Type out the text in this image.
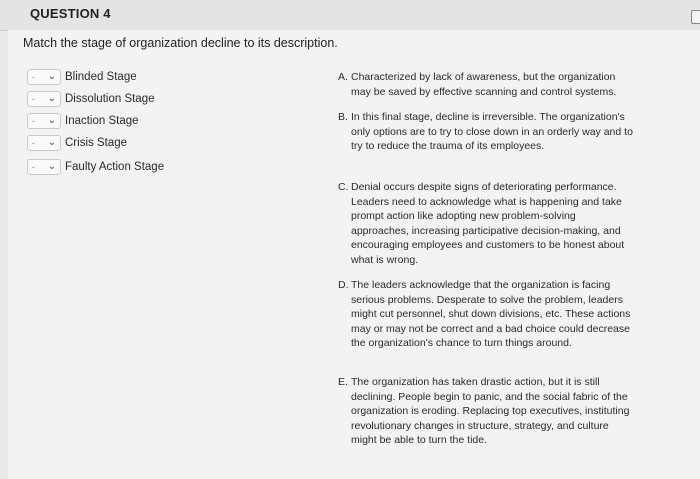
QUESTION 4
Match the stage of organization decline to its description.
- ⌄ Blinded Stage
- ⌄ Dissolution Stage
- ⌄ Inaction Stage
- ⌄ Crisis Stage
- ⌄ Faulty Action Stage
A. Characterized by lack of awareness, but the organization may be saved by effective scanning and control systems.
B. In this final stage, decline is irreversible. The organization's only options are to try to close down in an orderly way and to try to reduce the trauma of its employees.
C. Denial occurs despite signs of deteriorating performance. Leaders need to acknowledge what is happening and take prompt action like adopting new problem-solving approaches, increasing participative decision-making, and encouraging employees and customers to be honest about what is wrong.
D. The leaders acknowledge that the organization is facing serious problems. Desperate to solve the problem, leaders might cut personnel, shut down divisions, etc. These actions may or may not be correct and a bad choice could decrease the organization's chance to turn things around.
E. The organization has taken drastic action, but it is still declining. People begin to panic, and the social fabric of the organization is eroding. Replacing top executives, instituting revolutionary changes in structure, strategy, and culture might be able to turn the tide.
